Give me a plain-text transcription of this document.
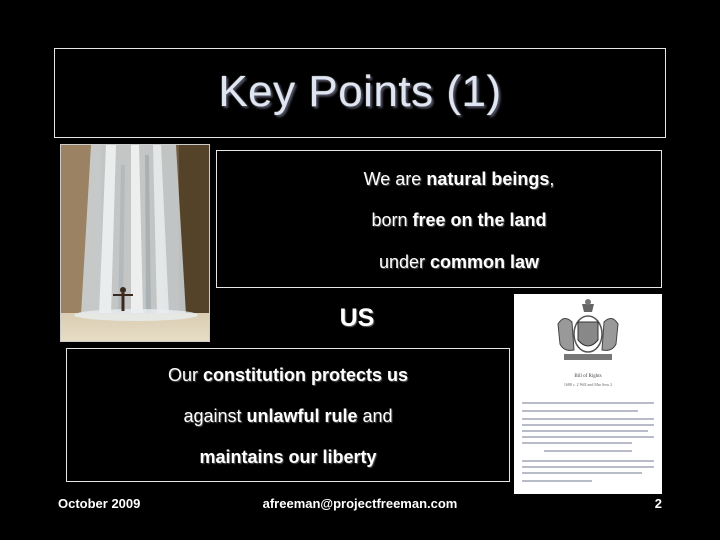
Key Points (1)
We are natural beings,
born free on the land
under common law
US
Our constitution protects us
against unlawful rule and
maintains our liberty
Bill of Rights
1688 c. 2 Will and Mar Sess 2
October 2009	afreeman@projectfreeman.com	2
